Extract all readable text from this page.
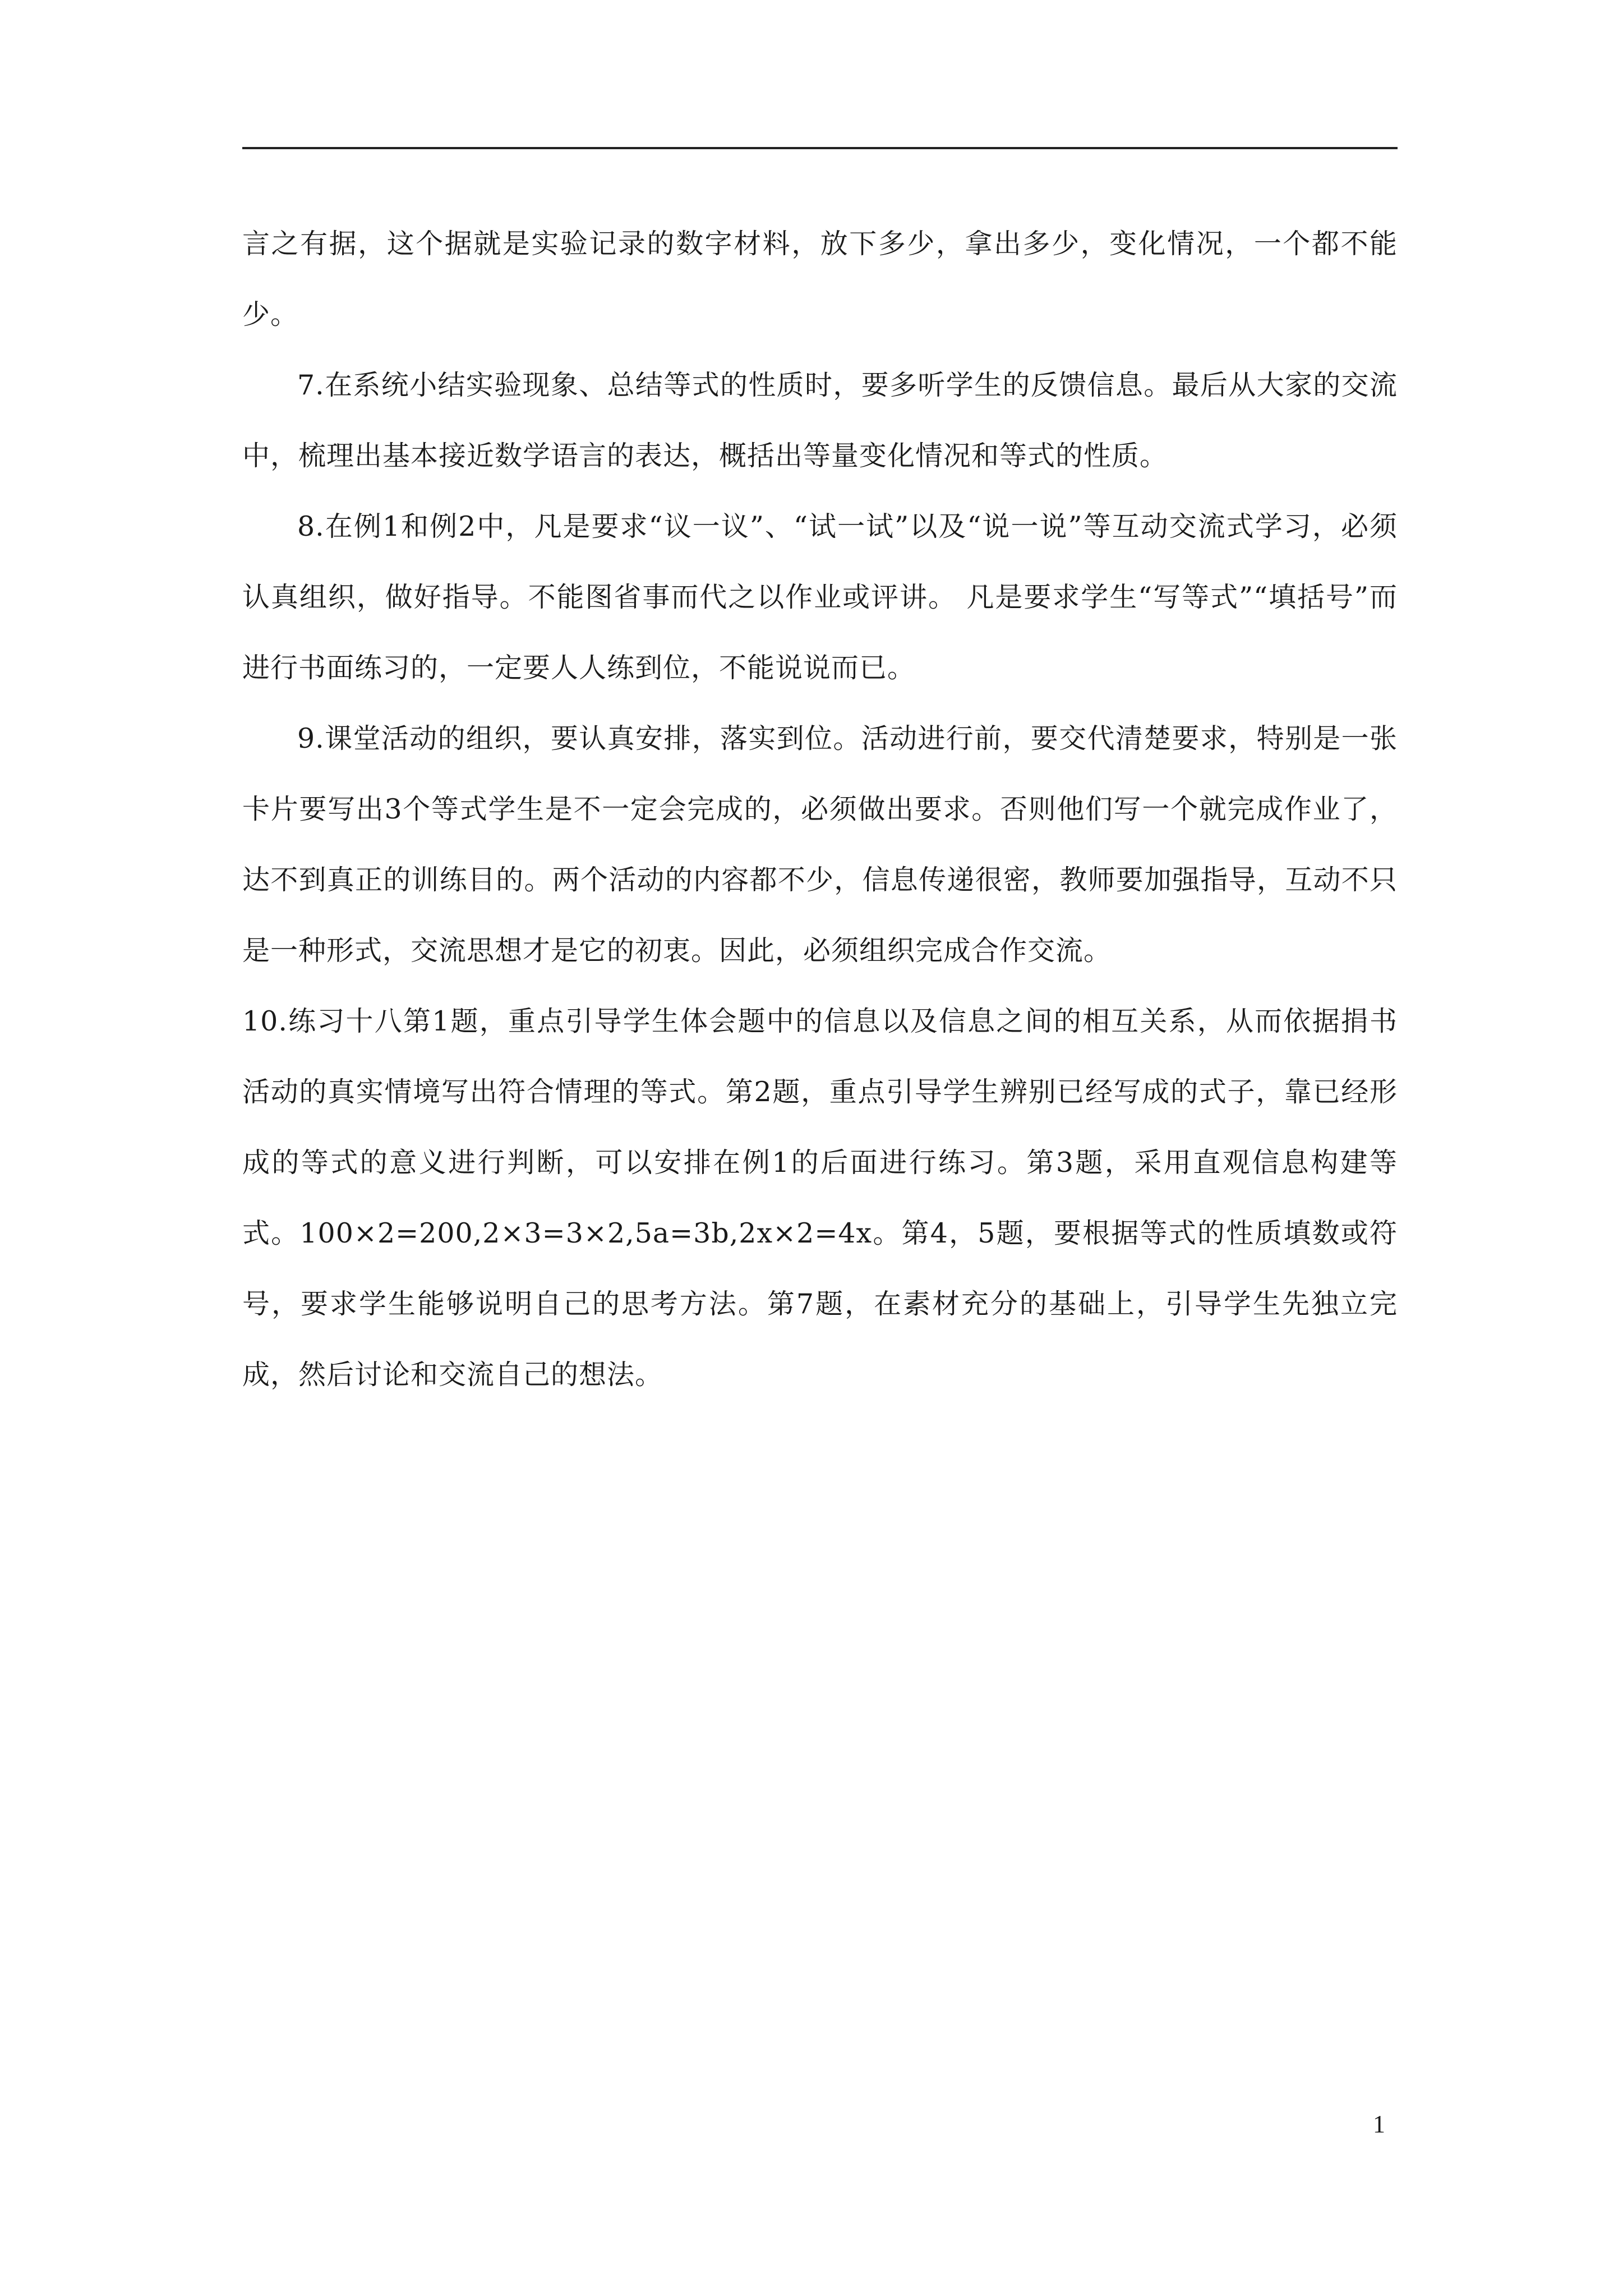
言之有据，这个据就是实验记录的数字材料，放下多少，拿出多少，变化情况，一个都不能少。

7.在系统小结实验现象、总结等式的性质时，要多听学生的反馈信息。最后从大家的交流中，梳理出基本接近数学语言的表达，概括出等量变化情况和等式的性质。

8.在例1和例2中，凡是要求“议一议”、“试一试”以及“说一说”等互动交流式学习，必须认真组织，做好指导。不能图省事而代之以作业或评讲。 凡是要求学生“写等式”“填括号”而进行书面练习的，一定要人人练到位，不能说说而已。

9.课堂活动的组织，要认真安排，落实到位。活动进行前，要交代清楚要求，特别是一张卡片要写出3个等式学生是不一定会完成的，必须做出要求。否则他们写一个就完成作业了，达不到真正的训练目的。两个活动的内容都不少，信息传递很密，教师要加强指导，互动不只是一种形式，交流思想才是它的初衷。因此，必须组织完成合作交流。

10.练习十八第1题，重点引导学生体会题中的信息以及信息之间的相互关系，从而依据捐书活动的真实情境写出符合情理的等式。第2题，重点引导学生辨别已经写成的式子，靠已经形成的等式的意义进行判断，可以安排在例1的后面进行练习。第3题，采用直观信息构建等式。100×2=200,2×3=3×2,5a=3b,2x×2=4x。第4，5题，要根据等式的性质填数或符号，要求学生能够说明自己的思考方法。第7题，在素材充分的基础上，引导学生先独立完成，然后讨论和交流自己的想法。

1
